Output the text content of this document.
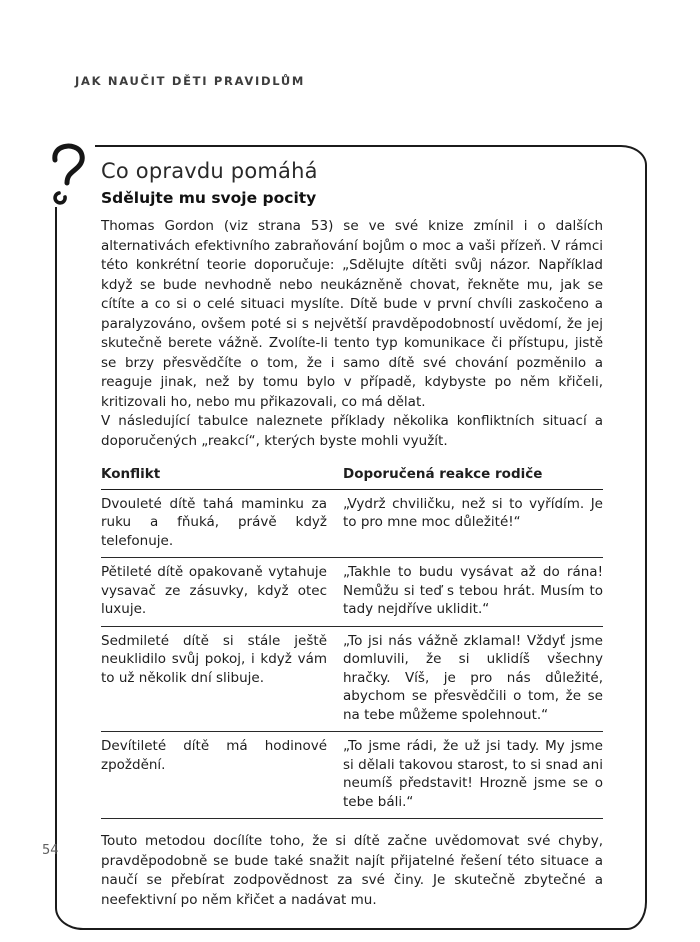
JAK NAUČIT DĚTI PRAVIDLŮM
Co opravdu pomáhá
Sdělujte mu svoje pocity

Thomas Gordon (viz strana 53) se ve své knize zmínil i o dalších alternativách efektivního zabraňování bojům o moc a vaši přízeň. V rámci této konkrétní teorie doporučuje: „Sdělujte dítěti svůj názor. Například když se bude nevhodně nebo neukázněně chovat, řekněte mu, jak se cítíte a co si o celé situaci myslíte. Dítě bude v první chvíli zaskočeno a paralyzováno, ovšem poté si s největší pravděpodobností uvědomí, že jej skutečně berete vážně. Zvolíte-li tento typ komunikace či přístupu, jistě se brzy přesvědčíte o tom, že i samo dítě své chování pozměnilo a reaguje jinak, než by tomu bylo v případě, kdybyste po něm křičeli, kritizovali ho, nebo mu přikazovali, co má dělat.

V následující tabulce naleznete příklady několika konfliktních situací a doporučených „reakcí“, kterých byste mohli využít.

Konflikt	Doporučená reakce rodiče
Dvouleté dítě tahá maminku za ruku a fňuká, právě když telefonuje.
„Vydrž chviličku, než si to vyřídím. Je to pro mne moc důležité!“
Pětileté dítě opakovaně vytahuje vysavač ze zásuvky, když otec luxuje.
„Takhle to budu vysávat až do rána! Nemůžu si teď s tebou hrát. Musím to tady nejdříve uklidit.“
Sedmileté dítě si stále ještě neuklidilo svůj pokoj, i když vám to už několik dní slibuje.
„To jsi nás vážně zklamal! Vždyť jsme domluvili, že si uklidíš všechny hračky. Víš, je pro nás důležité, abychom se přesvědčili o tom, že se na tebe můžeme spolehnout.“
Devítileté dítě má hodinové zpoždění.
„To jsme rádi, že už jsi tady. My jsme si dělali takovou starost, to si snad ani neumíš představit! Hrozně jsme se o tebe báli.“

Touto metodou docílíte toho, že si dítě začne uvědomovat své chyby, pravděpodobně se bude také snažit najít přijatelné řešení této situace a naučí se přebírat zodpovědnost za své činy. Je skutečně zbytečné a neefektivní po něm křičet a nadávat mu.

54
